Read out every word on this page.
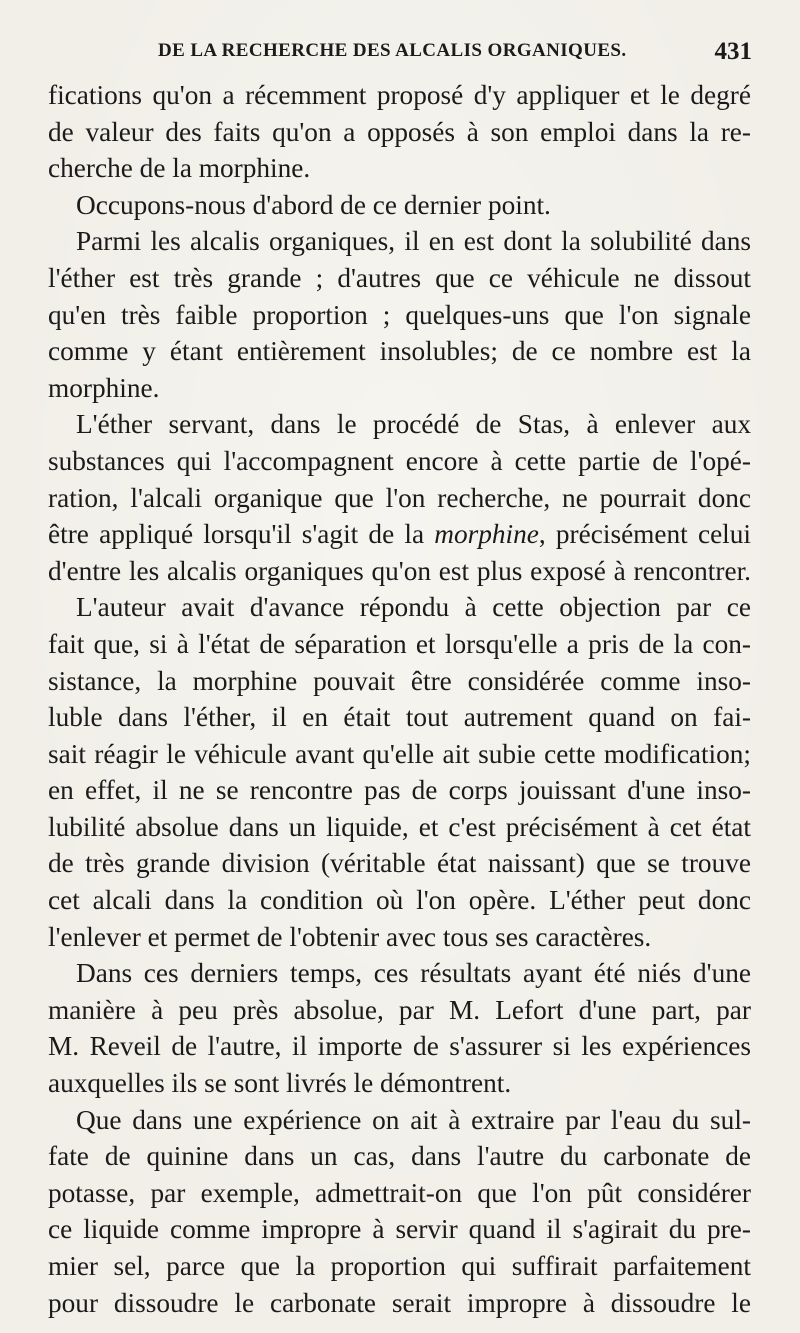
DE LA RECHERCHE DES ALCALIS ORGANIQUES.	431
fications qu'on a récemment proposé d'y appliquer et le degré
de valeur des faits qu'on a opposés à son emploi dans la re-
cherche de la morphine.
Occupons-nous d'abord de ce dernier point.
Parmi les alcalis organiques, il en est dont la solubilité dans
l'éther est très grande ; d'autres que ce véhicule ne dissout
qu'en très faible proportion ; quelques-uns que l'on signale
comme y étant entièrement insolubles; de ce nombre est la
morphine.
L'éther servant, dans le procédé de Stas, à enlever aux
substances qui l'accompagnent encore à cette partie de l'opé-
ration, l'alcali organique que l'on recherche, ne pourrait donc
être appliqué lorsqu'il s'agit de la morphine, précisément celui
d'entre les alcalis organiques qu'on est plus exposé à rencontrer.
L'auteur avait d'avance répondu à cette objection par ce
fait que, si à l'état de séparation et lorsqu'elle a pris de la con-
sistance, la morphine pouvait être considérée comme inso-
luble dans l'éther, il en était tout autrement quand on fai-
sait réagir le véhicule avant qu'elle ait subie cette modification;
en effet, il ne se rencontre pas de corps jouissant d'une inso-
lubilité absolue dans un liquide, et c'est précisément à cet état
de très grande division (véritable état naissant) que se trouve
cet alcali dans la condition où l'on opère. L'éther peut donc
l'enlever et permet de l'obtenir avec tous ses caractères.
Dans ces derniers temps, ces résultats ayant été niés d'une
manière à peu près absolue, par M. Lefort d'une part, par
M. Reveil de l'autre, il importe de s'assurer si les expériences
auxquelles ils se sont livrés le démontrent.
Que dans une expérience on ait à extraire par l'eau du sul-
fate de quinine dans un cas, dans l'autre du carbonate de
potasse, par exemple, admettrait-on que l'on pût considérer
ce liquide comme impropre à servir quand il s'agirait du pre-
mier sel, parce que la proportion qui suffirait parfaitement
pour dissoudre le carbonate serait impropre à dissoudre le
